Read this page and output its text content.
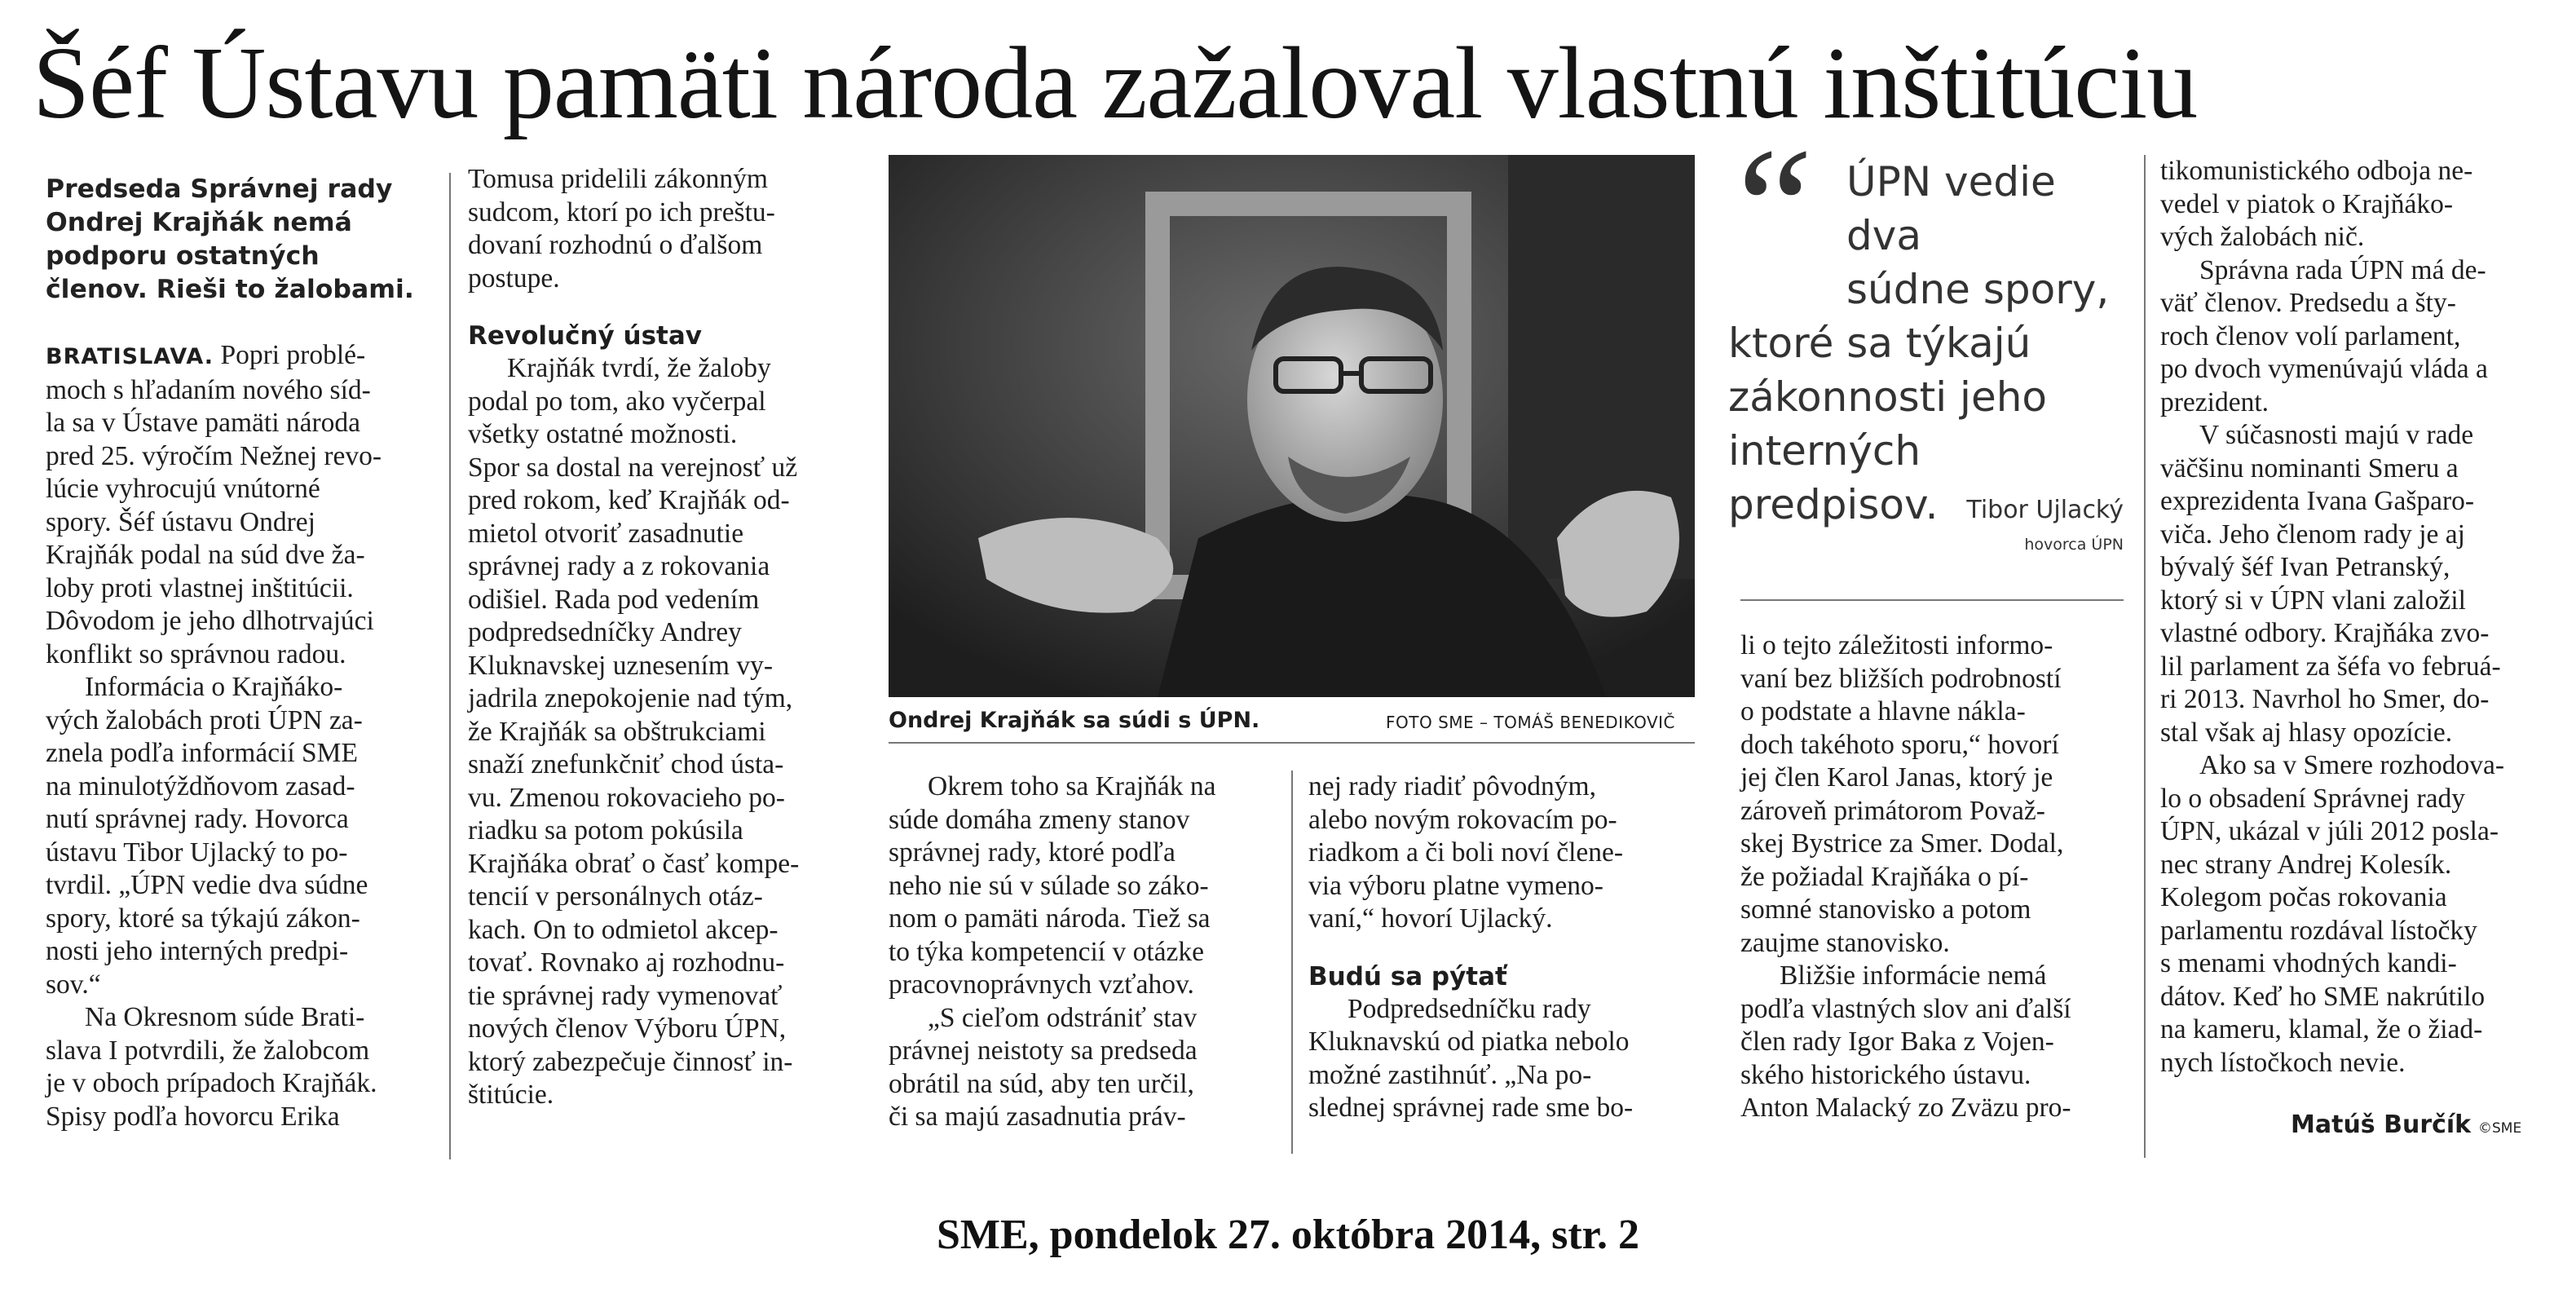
Šéf Ústavu pamäti národa zažaloval vlastnú inštitúciu
Predseda Správnej rady
Ondrej Krajňák nemá
podporu ostatných
členov. Rieši to žalobami.
BRATISLAVA. Popri problé-
moch s hľadaním nového síd-
la sa v Ústave pamäti národa
pred 25. výročím Nežnej revo-
lúcie vyhrocujú vnútorné
spory. Šéf ústavu Ondrej
Krajňák podal na súd dve ža-
loby proti vlastnej inštitúcii.
Dôvodom je jeho dlhotrvajúci
konflikt so správnou radou.
Informácia o Krajňáko-
vých žalobách proti ÚPN za-
znela podľa informácií SME
na minulotýždňovom zasad-
nutí správnej rady. Hovorca
ústavu Tibor Ujlacký to po-
tvrdil. „ÚPN vedie dva súdne
spory, ktoré sa týkajú zákon-
nosti jeho interných predpi-
sov.“
Na Okresnom súde Brati-
slava I potvrdili, že žalobcom
je v oboch prípadoch Krajňák.
Spisy podľa hovorcu Erika
Tomusa pridelili zákonným
sudcom, ktorí po ich preštu-
dovaní rozhodnú o ďalšom
postupe.
Revolučný ústav
Krajňák tvrdí, že žaloby
podal po tom, ako vyčerpal
všetky ostatné možnosti.
Spor sa dostal na verejnosť už
pred rokom, keď Krajňák od-
mietol otvoriť zasadnutie
správnej rady a z rokovania
odišiel. Rada pod vedením
podpredsedníčky Andrey
Kluknavskej uznesením vy-
jadrila znepokojenie nad tým,
že Krajňák sa obštrukciami
snaží znefunkčniť chod ústa-
vu. Zmenou rokovacieho po-
riadku sa potom pokúsila
Krajňáka obrať o časť kompe-
tencií v personálnych otáz-
kach. On to odmietol akcep-
tovať. Rovnako aj rozhodnu-
tie správnej rady vymenovať
nových členov Výboru ÚPN,
ktorý zabezpečuje činnosť in-
štitúcie.
Ondrej Krajňák sa súdi s ÚPN.	FOTO SME – TOMÁŠ BENEDIKOVIČ
Okrem toho sa Krajňák na
súde domáha zmeny stanov
správnej rady, ktoré podľa
neho nie sú v súlade so záko-
nom o pamäti národa. Tiež sa
to týka kompetencií v otázke
pracovnoprávnych vzťahov.
„S cieľom odstrániť stav
právnej neistoty sa predseda
obrátil na súd, aby ten určil,
či sa majú zasadnutia práv-
nej rady riadiť pôvodným,
alebo novým rokovacím po-
riadkom a či boli noví člene-
via výboru platne vymeno-
vaní,“ hovorí Ujlacký.
Budú sa pýtať
Podpredsedníčku rady
Kluknavskú od piatka nebolo
možné zastihnúť. „Na po-
slednej správnej rade sme bo-
“ ÚPN vedie dva
súdne spory,
ktoré sa týkajú
zákonnosti jeho
interných
predpisov.	Tibor Ujlacký
hovorca ÚPN
li o tejto záležitosti informo-
vaní bez bližších podrobností
o podstate a hlavne nákla-
doch takéhoto sporu,“ hovorí
jej člen Karol Janas, ktorý je
zároveň primátorom Považ-
skej Bystrice za Smer. Dodal,
že požiadal Krajňáka o pí-
somné stanovisko a potom
zaujme stanovisko.
Bližšie informácie nemá
podľa vlastných slov ani ďalší
člen rady Igor Baka z Vojen-
ského historického ústavu.
Anton Malacký zo Zväzu pro-
tikomunistického odboja ne-
vedel v piatok o Krajňáko-
vých žalobách nič.
Správna rada ÚPN má de-
väť členov. Predsedu a šty-
roch členov volí parlament,
po dvoch vymenúvajú vláda a
prezident.
V súčasnosti majú v rade
väčšinu nominanti Smeru a
exprezidenta Ivana Gašparo-
viča. Jeho členom rady je aj
bývalý šéf Ivan Petranský,
ktorý si v ÚPN vlani založil
vlastné odbory. Krajňáka zvo-
lil parlament za šéfa vo februá-
ri 2013. Navrhol ho Smer, do-
stal však aj hlasy opozície.
Ako sa v Smere rozhodova-
lo o obsadení Správnej rady
ÚPN, ukázal v júli 2012 posla-
nec strany Andrej Kolesík.
Kolegom počas rokovania
parlamentu rozdával lístočky
s menami vhodných kandi-
dátov. Keď ho SME nakrútilo
na kameru, klamal, že o žiad-
nych lístočkoch nevie.
Matúš Burčík ©SME
SME, pondelok 27. októbra 2014, str. 2
